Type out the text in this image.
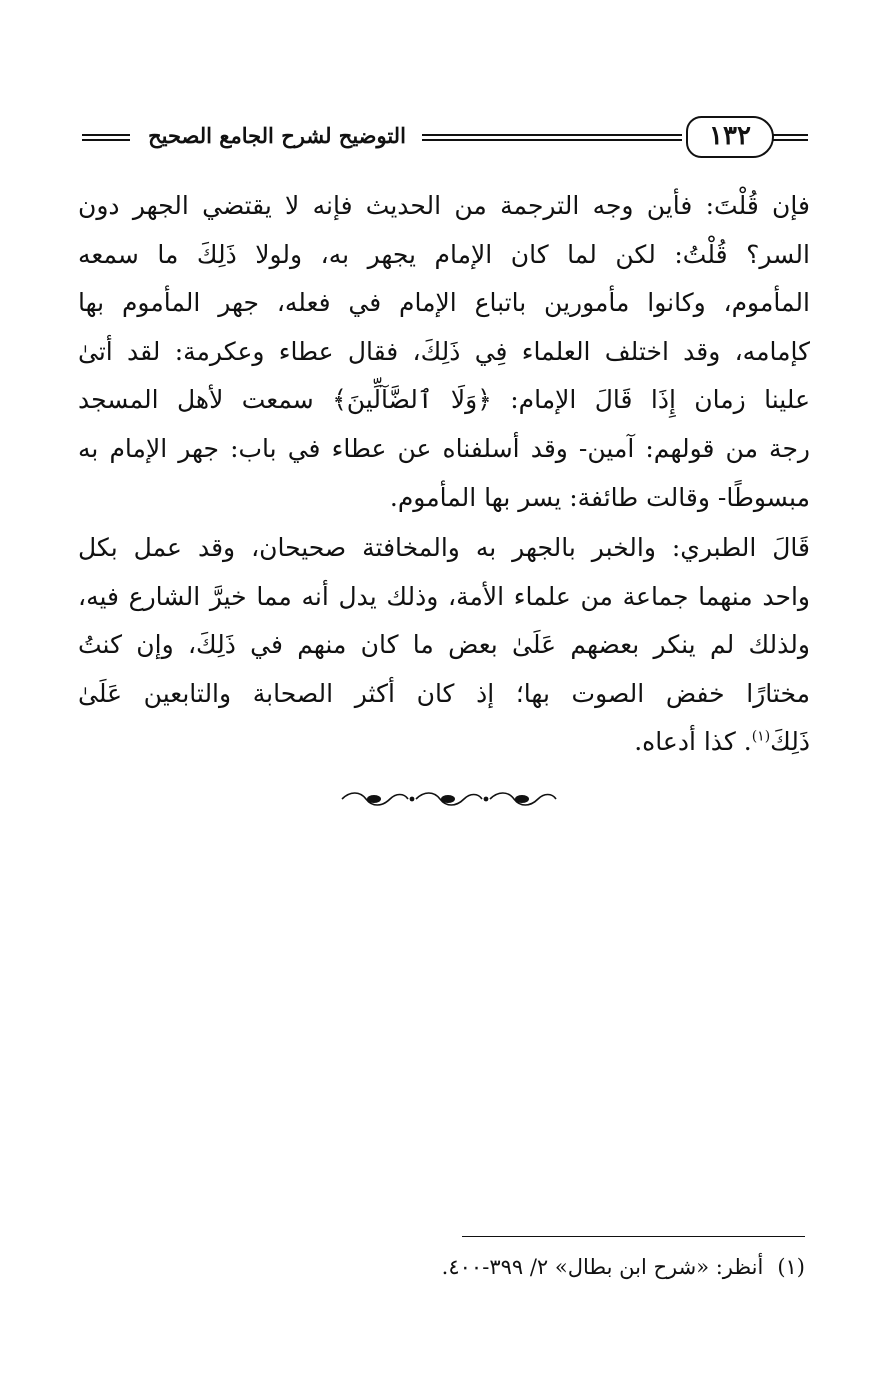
التوضيح لشرح الجامع الصحيح	١٣٢
فإن قُلْتَ: فأين وجه الترجمة من الحديث فإنه لا يقتضي الجهر دون
السر؟ قُلْتُ: لكن لما كان الإمام يجهر به، ولولا ذَلِكَ ما سمعه
المأموم، وكانوا مأمورين باتباع الإمام في فعله، جهر المأموم بها
كإمامه، وقد اختلف العلماء فِي ذَلِكَ، فقال عطاء وعكرمة: لقد أتىٰ
علينا زمان إِذَا قَالَ الإمام: ﴿وَلَا ٱلضَّآلِّينَ﴾ سمعت لأهل المسجد
رجة من قولهم: آمين- وقد أسلفناه عن عطاء في باب: جهر الإمام به
مبسوطًا- وقالت طائفة: يسر بها المأموم.
قَالَ الطبري: والخبر بالجهر به والمخافتة صحيحان، وقد عمل بكل
واحد منهما جماعة من علماء الأمة، وذلك يدل أنه مما خيرَّ الشارع فيه،
ولذلك لم ينكر بعضهم عَلَىٰ بعض ما كان منهم في ذَلِكَ، وإن كنتُ
مختارًا خفض الصوت بها؛ إذ كان أكثر الصحابة والتابعين عَلَىٰ
ذَلِكَ$^{(١)}$. كذا أدعاه.
(١)أنظر: «شرح ابن بطال» ٢/ ٣٩٩-٤٠٠.
